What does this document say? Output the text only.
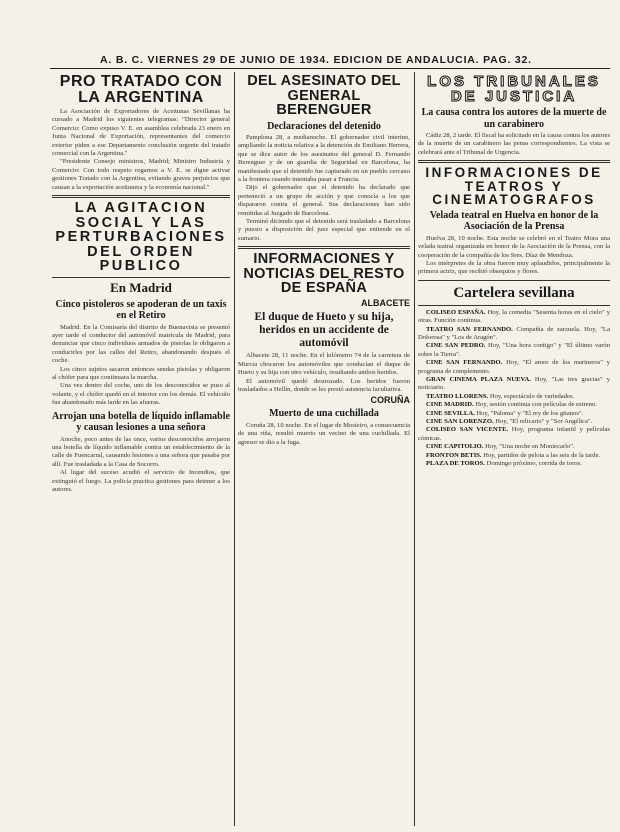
A. B. C. VIERNES 29 DE JUNIO DE 1934. EDICION DE ANDALUCIA. PAG. 32.
PRO TRATADO CON LA ARGENTINA

La Asociación de Exportadores de Aceitunas Sevillanas ha cursado a Madrid los siguientes telegramas: "Director general Comercio: Como expuso V. E. en asamblea celebrada 23 enero en Junta Nacional de Exportación, representantes del comercio exterior piden a ese Departamento conclusión urgente del tratado comercial con la Argentina."

"Presidente Consejo ministros, Madrid; Ministro Industria y Comercio: Con todo respeto rogamos a V. E. se digne activar gestiones Tratado con la Argentina, evitando graves perjuicios que causan a la exportación aceitunera y la economía nacional."

LA AGITACION SOCIAL Y LAS PERTURBACIONES DEL ORDEN PUBLICO
En Madrid
Cinco pistoleros se apoderan de un taxis en el Retiro

Madrid. En la Comisaría del distrito de Buenavista se presentó ayer tarde el conductor del automóvil matrícula de Madrid, para denunciar que cinco individuos armados de pistolas le obligaron a conducirles por las calles del Retiro, abandonando después el coche.

Los cinco sujetos sacaron entonces sendas pistolas y obligaron al chófer para que continuara la marcha.

Una vez dentro del coche, uno de los desconocidos se puso al volante, y el chófer quedó en el interior con los demás. El vehículo fue abandonado más tarde en las afueras.

Arrojan una botella de líquido inflamable y causan lesiones a una señora

Anoche, poco antes de las once, varios desconocidos arrojaron una botella de líquido inflamable contra un establecimiento de la calle de Fuencarral, causando lesiones a una señora que pasaba por allí. Fue trasladada a la Casa de Socorro.

Al lugar del suceso acudió el servicio de Incendios, que extinguió el fuego. La policía practica gestiones para detener a los autores.

DEL ASESINATO DEL GENERAL BERENGUER
Declaraciones del detenido

Pamplona 28, a medianoche. El gobernador civil interino, ampliando la noticia relativa a la detención de Emiliano Herrera, que se dice autor de los asesinatos del general D. Fernando Berenguer y de un guardia de Seguridad en Barcelona, ha manifestado que el detenido fue capturado en un pueblo cercano a la frontera cuando intentaba pasar a Francia.

Dijo el gobernador que el detenido ha declarado que perteneció a un grupo de acción y que conocía a los que dispararon contra el general. Sus declaraciones han sido remitidas al Juzgado de Barcelona.

Terminó diciendo que el detenido será trasladado a Barcelona y puesto a disposición del juez especial que entiende en el sumario.

INFORMACIONES Y NOTICIAS DEL RESTO DE ESPAÑA
ALBACETE
El duque de Hueto y su hija, heridos en un accidente de automóvil

Albacete 28, 11 noche. En el kilómetro 74 de la carretera de Murcia chocaron los automóviles que conducían el duque de Hueto y su hija con otro vehículo, resultando ambos heridos.

El automóvil quedó destrozado. Los heridos fueron trasladados a Hellín, donde se les prestó asistencia facultativa.

CORUÑA
Muerto de una cuchillada

Coruña 28, 10 noche. En el lugar de Mosteiro, a consecuencia de una riña, resultó muerto un vecino de una cuchillada. El agresor se dio a la fuga.

LOS TRIBUNALES DE JUSTICIA
La causa contra los autores de la muerte de un carabinero

Cádiz 28, 2 tarde. El fiscal ha solicitado en la causa contra los autores de la muerte de un carabinero las penas correspondientes. La vista se celebrará ante el Tribunal de Urgencia.

INFORMACIONES DE TEATROS Y CINEMATOGRAFOS
Velada teatral en Huelva en honor de la Asociación de la Prensa

Huelva 28, 10 noche. Esta noche se celebró en el Teatro Mora una velada teatral organizada en honor de la Asociación de la Prensa, con la cooperación de la compañía de los Sres. Díaz de Mendoza.

Los intérpretes de la obra fueron muy aplaudidos, principalmente la primera actriz, que recibió obsequios y flores.

Cartelera sevillana

COLISEO ESPAÑA. Hoy, la comedia "Sesenta horas en el cielo" y otras. Función continua.

TEATRO SAN FERNANDO. Compañía de zarzuela. Hoy, "La Dolorosa" y "Los de Aragón".

CINE SAN PEDRO. Hoy, "Una hora contigo" y "El último varón sobre la Tierra".

CINE SAN FERNANDO. Hoy, "El amor de los marineros" y programa de complemento.

GRAN CINEMA PLAZA NUEVA. Hoy, "Las tres gracias" y noticiario.

TEATRO LLORENS. Hoy, espectáculo de variedades.

CINE MADRID. Hoy, sesión continua con películas de estreno.

CINE SEVILLA. Hoy, "Paloma" y "El rey de los gitanos".

CINE SAN LORENZO. Hoy, "El relicario" y "Sor Angélica".

COLISEO SAN VICENTE. Hoy, programa infantil y películas cómicas.

CINE CAPITOLIO. Hoy, "Una noche en Montecarlo".

FRONTON BETIS. Hoy, partidos de pelota a las seis de la tarde.

PLAZA DE TOROS. Domingo próximo, corrida de toros.
